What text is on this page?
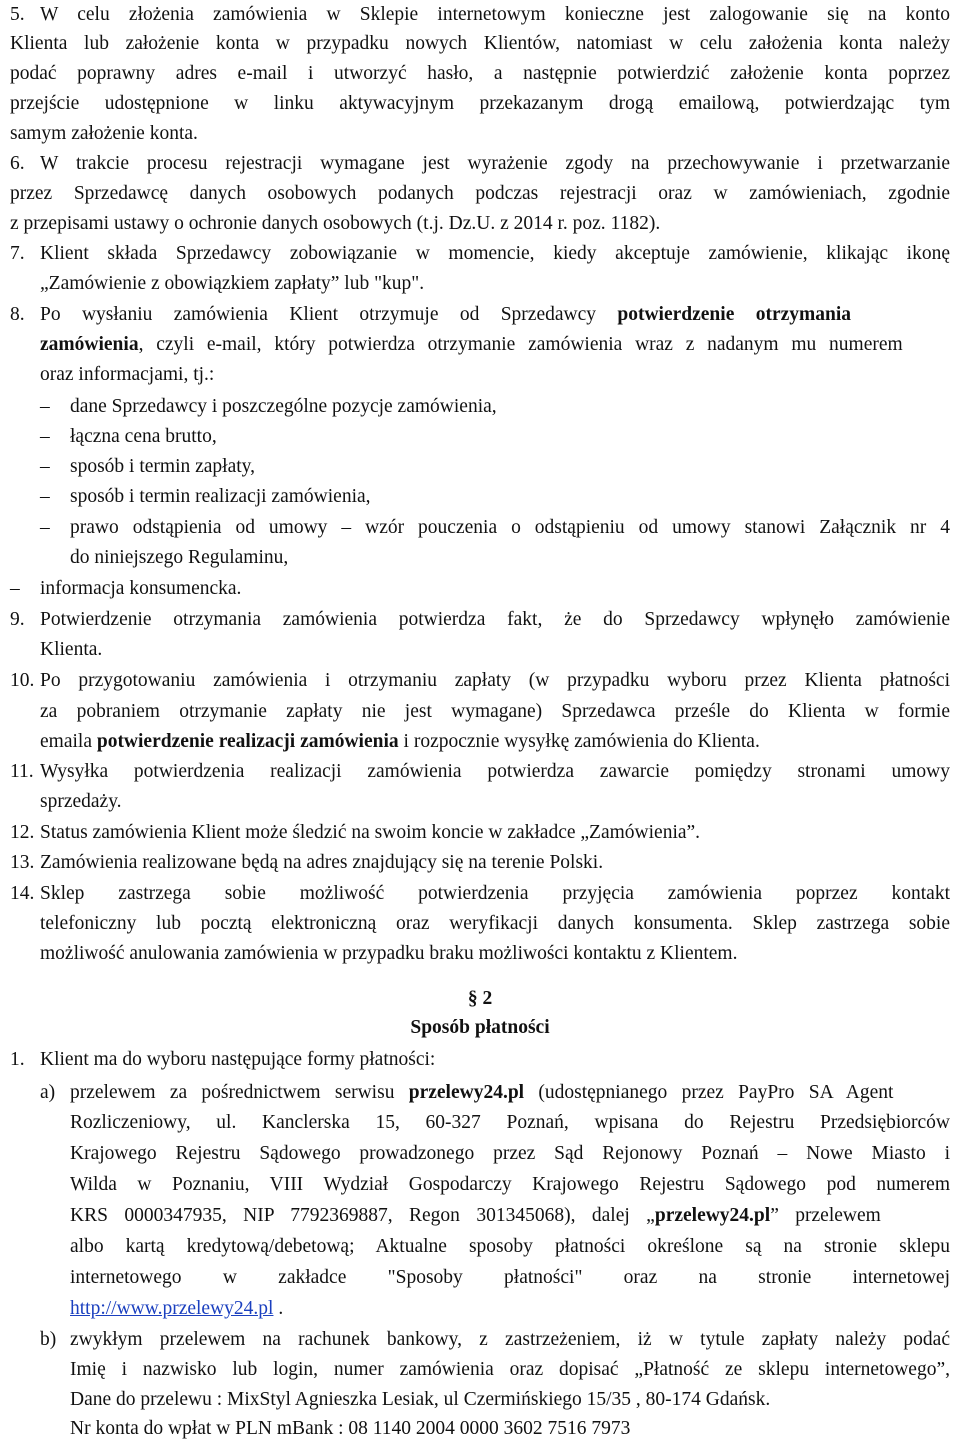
5. W celu złożenia zamówienia w Sklepie internetowym konieczne jest zalogowanie się na konto
Klienta lub założenie konta w przypadku nowych Klientów, natomiast w celu założenia konta należy
podać poprawny adres e-mail i utworzyć hasło, a następnie potwierdzić założenie konta poprzez
przejście udostępnione w linku aktywacyjnym przekazanym drogą emailową, potwierdzając tym
samym założenie konta.
6. W trakcie procesu rejestracji wymagane jest wyrażenie zgody na przechowywanie i przetwarzanie
przez Sprzedawcę danych osobowych podanych podczas rejestracji oraz w zamówieniach, zgodnie
z przepisami ustawy o ochronie danych osobowych (t.j. Dz.U. z 2014 r. poz. 1182).
7. Klient składa Sprzedawcy zobowiązanie w momencie, kiedy akceptuje zamówienie, klikając ikonę
„Zamówienie z obowiązkiem zapłaty” lub "kup".
8. Po wysłaniu zamówienia Klient otrzymuje od Sprzedawcy potwierdzenie otrzymania
zamówienia, czyli e-mail, który potwierdza otrzymanie zamówienia wraz z nadanym mu numerem
oraz informacjami, tj.:
– dane Sprzedawcy i poszczególne pozycje zamówienia,
– łączna cena brutto,
– sposób i termin zapłaty,
– sposób i termin realizacji zamówienia,
– prawo odstąpienia od umowy – wzór pouczenia o odstąpieniu od umowy stanowi Załącznik nr 4
do niniejszego Regulaminu,
– informacja konsumencka.
9. Potwierdzenie otrzymania zamówienia potwierdza fakt, że do Sprzedawcy wpłynęło zamówienie
Klienta.
10. Po przygotowaniu zamówienia i otrzymaniu zapłaty (w przypadku wyboru przez Klienta płatności
za pobraniem otrzymanie zapłaty nie jest wymagane) Sprzedawca prześle do Klienta w formie
emaila potwierdzenie realizacji zamówienia i rozpocznie wysyłkę zamówienia do Klienta.
11. Wysyłka potwierdzenia realizacji zamówienia potwierdza zawarcie pomiędzy stronami umowy
sprzedaży.
12. Status zamówienia Klient może śledzić na swoim koncie w zakładce „Zamówienia”.
13. Zamówienia realizowane będą na adres znajdujący się na terenie Polski.
14. Sklep zastrzega sobie możliwość potwierdzenia przyjęcia zamówienia poprzez kontakt
telefoniczny lub pocztą elektroniczną oraz weryfikacji danych konsumenta. Sklep zastrzega sobie
możliwość anulowania zamówienia w przypadku braku możliwości kontaktu z Klientem.
§ 2
Sposób płatności
1. Klient ma do wyboru następujące formy płatności:
a) przelewem za pośrednictwem serwisu przelewy24.pl (udostępnianego przez PayPro SA Agent
Rozliczeniowy, ul. Kanclerska 15, 60-327 Poznań, wpisana do Rejestru Przedsiębiorców
Krajowego Rejestru Sądowego prowadzonego przez Sąd Rejonowy Poznań – Nowe Miasto i
Wilda w Poznaniu, VIII Wydział Gospodarczy Krajowego Rejestru Sądowego pod numerem
KRS 0000347935, NIP 7792369887, Regon 301345068), dalej „przelewy24.pl” przelewem
albo kartą kredytową/debetową; Aktualne sposoby płatności określone są na stronie sklepu
internetowego w zakładce "Sposoby płatności" oraz na stronie internetowej
http://www.przelewy24.pl .
b) zwykłym przelewem na rachunek bankowy, z zastrzeżeniem, iż w tytule zapłaty należy podać
Imię i nazwisko lub login, numer zamówienia oraz dopisać „Płatność ze sklepu internetowego”,
Dane do przelewu : MixStyl Agnieszka Lesiak, ul Czermińskiego 15/35 , 80-174 Gdańsk.
Nr konta do wpłat w PLN mBank : 08 1140 2004 0000 3602 7516 7973
